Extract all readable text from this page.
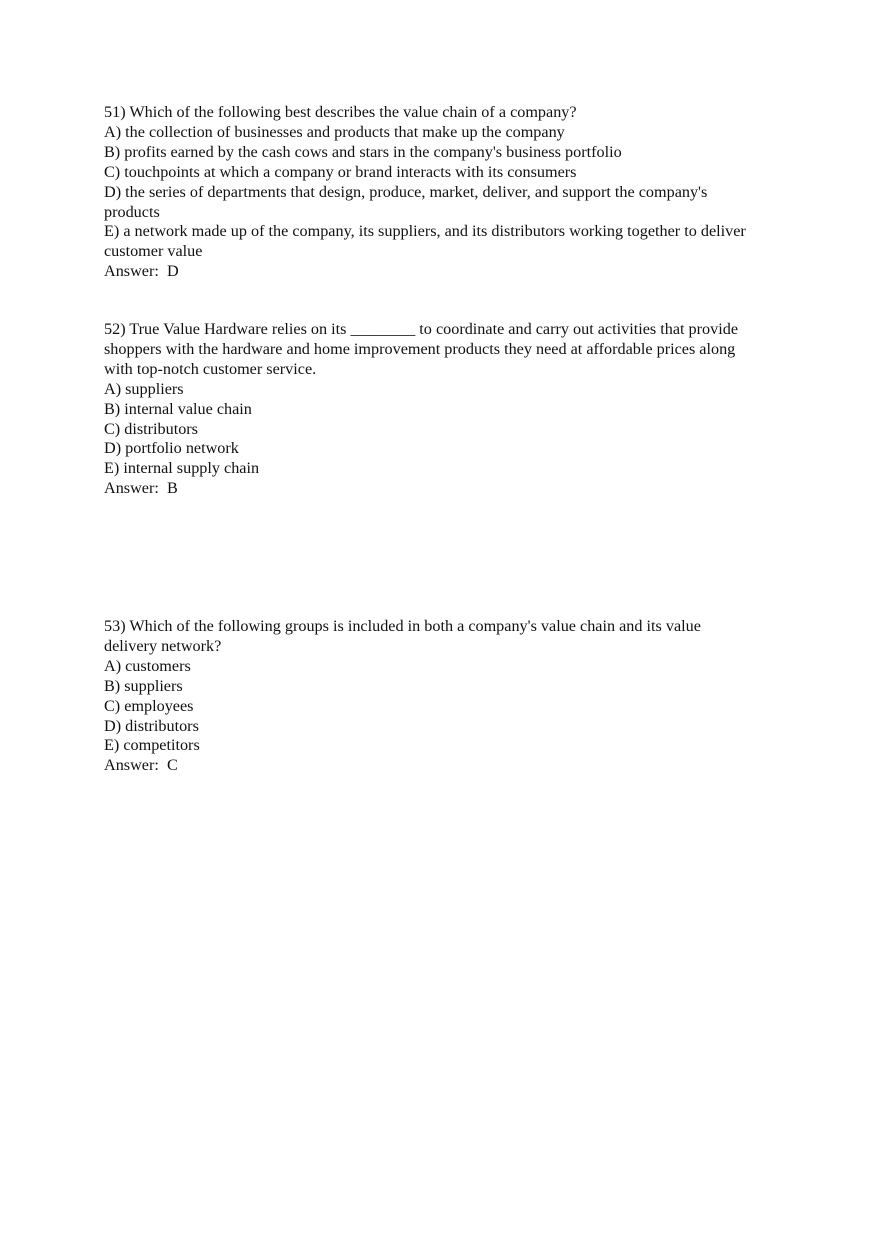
51) Which of the following best describes the value chain of a company?
A) the collection of businesses and products that make up the company
B) profits earned by the cash cows and stars in the company's business portfolio
C) touchpoints at which a company or brand interacts with its consumers
D) the series of departments that design, produce, market, deliver, and support the company's products
E) a network made up of the company, its suppliers, and its distributors working together to deliver customer value
Answer:  D
52) True Value Hardware relies on its ________ to coordinate and carry out activities that provide shoppers with the hardware and home improvement products they need at affordable prices along with top-notch customer service.
A) suppliers
B) internal value chain
C) distributors
D) portfolio network
E) internal supply chain
Answer:  B
53) Which of the following groups is included in both a company's value chain and its value delivery network?
A) customers
B) suppliers
C) employees
D) distributors
E) competitors
Answer:  C
